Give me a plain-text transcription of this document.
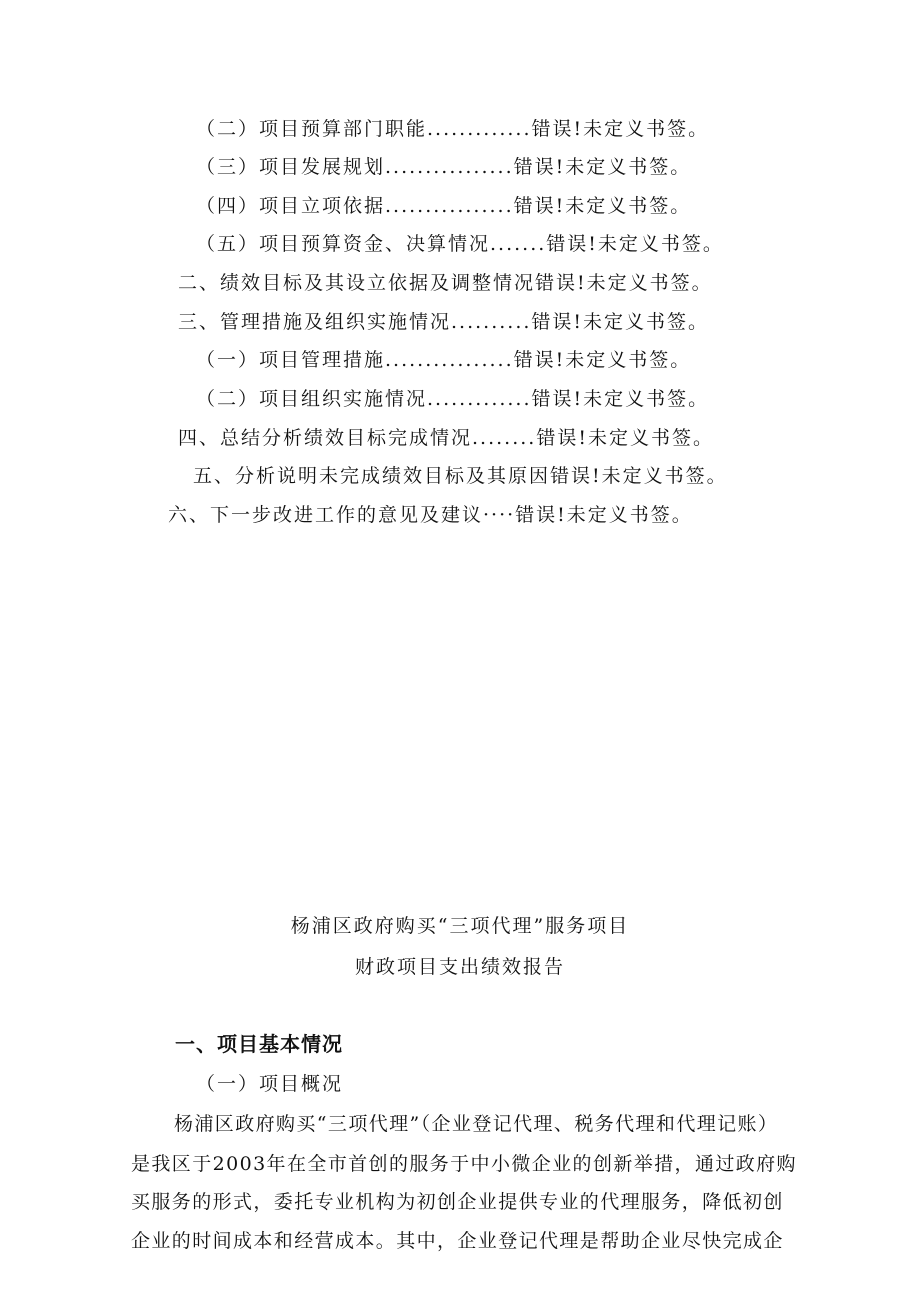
（二）项目预算部门职能.............错误!未定义书签。
（三）项目发展规划................错误!未定义书签。
（四）项目立项依据................错误!未定义书签。
（五）项目预算资金、决算情况.......错误!未定义书签。
二、绩效目标及其设立依据及调整情况错误!未定义书签。
三、管理措施及组织实施情况..........错误!未定义书签。
（一）项目管理措施................错误!未定义书签。
（二）项目组织实施情况.............错误!未定义书签。
四、总结分析绩效目标完成情况........错误!未定义书签。
五、分析说明未完成绩效目标及其原因错误!未定义书签。
六、下一步改进工作的意见及建议····错误!未定义书签。
杨浦区政府购买“三项代理”服务项目
财政项目支出绩效报告
一、项目基本情况
（一）项目概况
杨浦区政府购买“三项代理”（企业登记代理、税务代理和代理记账）
是我区于2003年在全市首创的服务于中小微企业的创新举措，通过政府购
买服务的形式，委托专业机构为初创企业提供专业的代理服务，降低初创
企业的时间成本和经营成本。其中，企业登记代理是帮助企业尽快完成企
